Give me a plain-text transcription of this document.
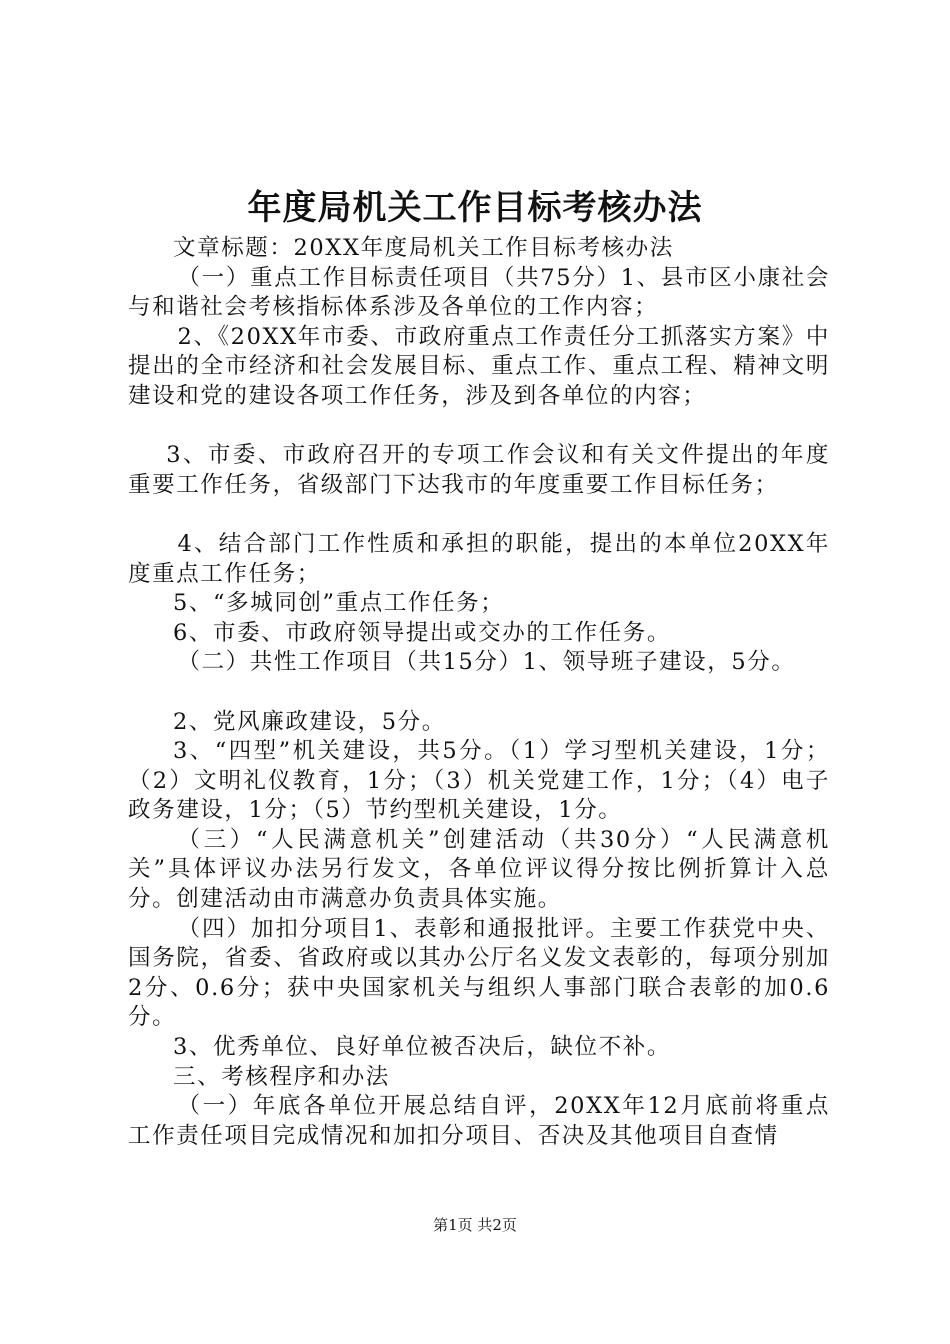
年度局机关工作目标考核办法

文章标题：20XX年度局机关工作目标考核办法

（一）重点工作目标责任项目（共75分）1、县市区小康社会与和谐社会考核指标体系涉及各单位的工作内容；

2、《20XX年市委、市政府重点工作责任分工抓落实方案》中提出的全市经济和社会发展目标、重点工作、重点工程、精神文明建设和党的建设各项工作任务，涉及到各单位的内容；

3、市委、市政府召开的专项工作会议和有关文件提出的年度重要工作任务，省级部门下达我市的年度重要工作目标任务；

4、结合部门工作性质和承担的职能，提出的本单位20XX年度重点工作任务；

5、“多城同创”重点工作任务；

6、市委、市政府领导提出或交办的工作任务。

（二）共性工作项目（共15分）1、领导班子建设，5分。

2、党风廉政建设，5分。

3、“四型”机关建设，共5分。（1）学习型机关建设，1分；（2）文明礼仪教育，1分；（3）机关党建工作，1分；（4）电子政务建设，1分；（5）节约型机关建设，1分。

（三）“人民满意机关”创建活动（共30分）“人民满意机关”具体评议办法另行发文，各单位评议得分按比例折算计入总分。创建活动由市满意办负责具体实施。

（四）加扣分项目1、表彰和通报批评。主要工作获党中央、国务院，省委、省政府或以其办公厅名义发文表彰的，每项分别加2分、0.6分；获中央国家机关与组织人事部门联合表彰的加0.6分。

3、优秀单位、良好单位被否决后，缺位不补。

三、考核程序和办法

（一）年底各单位开展总结自评，20XX年12月底前将重点工作责任项目完成情况和加扣分项目、否决及其他项目自查情

第1页 共2页
